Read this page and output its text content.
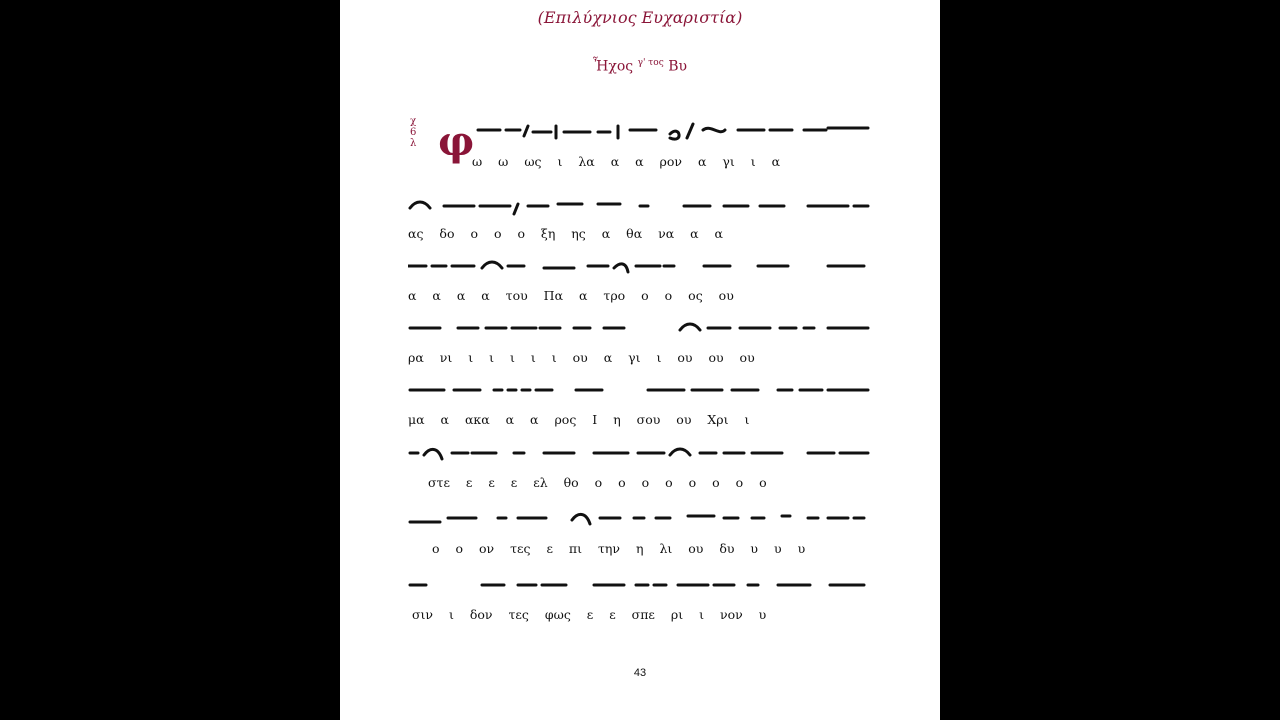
(Επιλύχνιος Ευχαριστία)
Ἦχος $^{\gamma' \tau o\varsigma}$ Βυ
φ
χ
6
λ
ω ω ως ι λα α α ρον α γι ι α
ας δο ο ο ο ξη ης α θα να α α
α α α α του Πα α τρο ο ο ος ου
ρα νι ι ι ι ι ι ου α γι ι ου ου ου
μα α ακα α α ρος Ι η σου ου Χρι ι
στε ε ε ε ελ θο ο ο ο ο ο ο ο ο
ο ο ον τες ε πι την η λι ου δυ υ υ υ
σιν ι δον τες φως ε ε σπε ρι ι νον υ
43
